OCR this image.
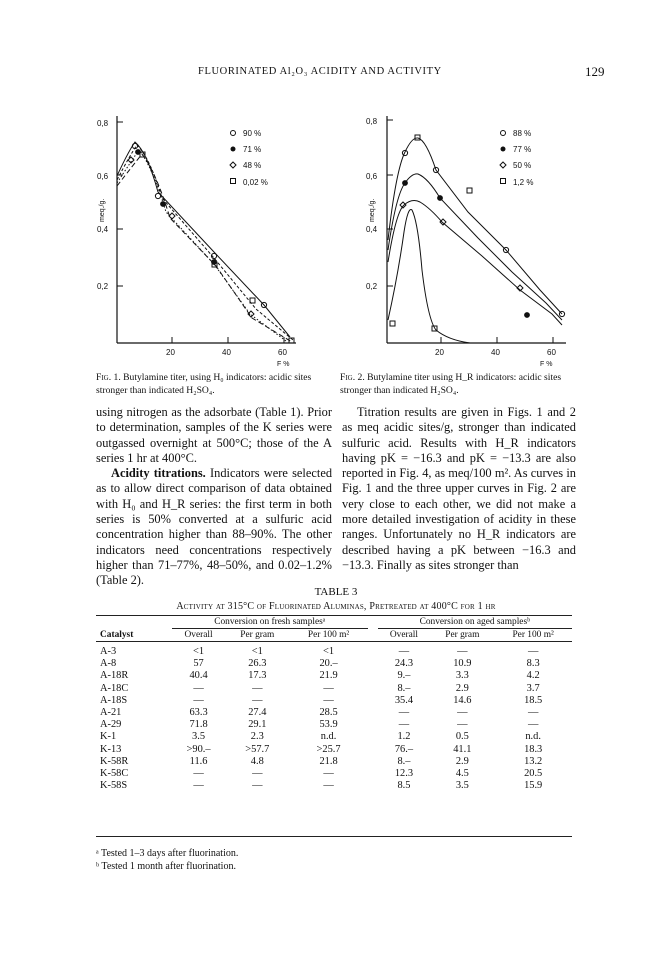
FLUORINATED Al₂O₃ ACIDITY AND ACTIVITY	129
0,8
0,6
0,4
0,2
20	40	60
F %
meq./g.
90 %
71 %
48 %
0,02 %
0,8
0,6
0,4
0,2
20	40	60
F %
meq./g.
88 %
77 %
50 %
1,2 %
Fig. 1. Butylamine titer, using H₀ indicators: acidic sites stronger than indicated H₂SO₄.
Fig. 2. Butylamine titer using H_R indicators: acidic sites stronger than indicated H₂SO₄.

using nitrogen as the adsorbate (Table 1). Prior to determination, samples of the K series were outgassed overnight at 500°C; those of the A series 1 hr at 400°C.

Acidity titrations. Indicators were selected as to allow direct comparison of data obtained with H₀ and H_R series: the first term in both series is 50% converted at a sulfuric acid concentration higher than 88–90%. The other indicators need concentrations respectively higher than 71–77%, 48–50%, and 0.02–1.2% (Table 2).

Titration results are given in Figs. 1 and 2 as meq acidic sites/g, stronger than indicated sulfuric acid. Results with H_R indicators having pK = −16.3 and pK = −13.3 are also reported in Fig. 4, as meq/100 m². As curves in Fig. 1 and the three upper curves in Fig. 2 are very close to each other, we did not make a more detailed investigation of acidity in these ranges. Unfortunately no H_R indicators are described having a pK between −16.3 and −13.3. Finally as sites stronger than

TABLE 3
Activity at 315°C of Fluorinated Aluminas, Pretreated at 400°C for 1 hr
	Conversion on fresh samplesᵃ				Conversion on aged samplesᵇ		
Catalyst	Overall	Per gram	Per 100 m²		Overall	Per gram	Per 100 m²

A-3	<1	<1	<1		—	—	—
A-8	57	26.3	20.–		24.3	10.9	8.3
A-18R	40.4	17.3	21.9		9.–	3.3	4.2
A-18C	—	—	—		8.–	2.9	3.7
A-18S	—	—	—		35.4	14.6	18.5
A-21	63.3	27.4	28.5		—	—	—
A-29	71.8	29.1	53.9		—	—	—
K-1	3.5	2.3	n.d.		1.2	0.5	n.d.
K-13	>90.–	>57.7	>25.7		76.–	41.1	18.3
K-58R	11.6	4.8	21.8		8.–	2.9	13.2
K-58C	—	—	—		12.3	4.5	20.5
K-58S	—	—	—		8.5	3.5	15.9
ᵃ Tested 1–3 days after fluorination.
ᵇ Tested 1 month after fluorination.
